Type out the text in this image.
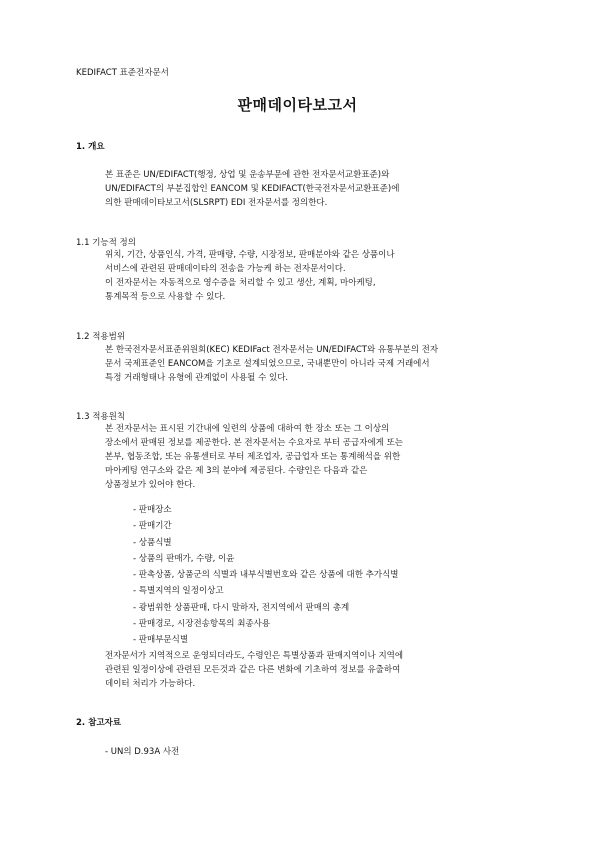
KEDIFACT 표준전자문서
판매데이타보고서
1. 개요
본 표준은 UN/EDIFACT(행정, 상업 및 운송부문에 관한 전자문서교환표준)와
UN/EDIFACT의 부분집합인 EANCOM 및 KEDIFACT(한국전자문서교환표준)에
의한 판매데이타보고서(SLSRPT) EDI 전자문서를 정의한다.
1.1 기능적 정의
위치, 기간, 상품인식, 가격, 판매량, 수량, 시장정보, 판매분야와 같은 상품이나
서비스에 관련된 판매데이타의 전송을 가능케 하는 전자문서이다.
이 전자문서는 자동적으로 영수증을 처리할 수 있고 생산, 계획, 마아케팅,
통계목적 등으로 사용할 수 있다.
1.2 적용범위
본 한국전자문서표준위원회(KEC) KEDIFact 전자문서는 UN/EDIFACT와 유통부분의 전자
문서 국제표준인 EANCOM을 기초로 설계되었으므로, 국내뿐만이 아니라 국제 거래에서
특정 거래형태나 유형에 관계없이 사용될 수 있다.
1.3 적용원칙
본 전자문서는 표시된 기간내에 일련의 상품에 대하여 한 장소 또는 그 이상의
장소에서 판매된 정보를 제공한다. 본 전자문서는 수요자로 부터 공급자에게 또는
본부, 협동조합, 또는 유통센터로 부터 제조업자, 공급업자 또는 통계해석을 위한
마아케팅 연구소와 같은 제 3의 분야에 제공된다. 수량인은 다음과 같은
상품정보가 있어야 한다.
- 판매장소
- 판매기간
- 상품식별
- 상품의 판매가, 수량, 이윤
- 판촉상품, 상품군의 식별과 내부식별번호와 같은 상품에 대한 추가식별
- 특별지역의 일정이상고
- 광범위한 상품판매, 다시 말하자, 전지역에서 판매의 총계
- 판매경로, 시장전송항목의 최종사용
- 판매부문식별
전자문서가 지역적으로 운영되더라도, 수령인은 특별상품과 판매지역이나 지역에
관련된 일정이상에 관련된 모든것과 같은 다른 변화에 기초하여 정보를 유출하여
데이터 처리가 가능하다.
2. 참고자료
- UN의 D.93A 사전
